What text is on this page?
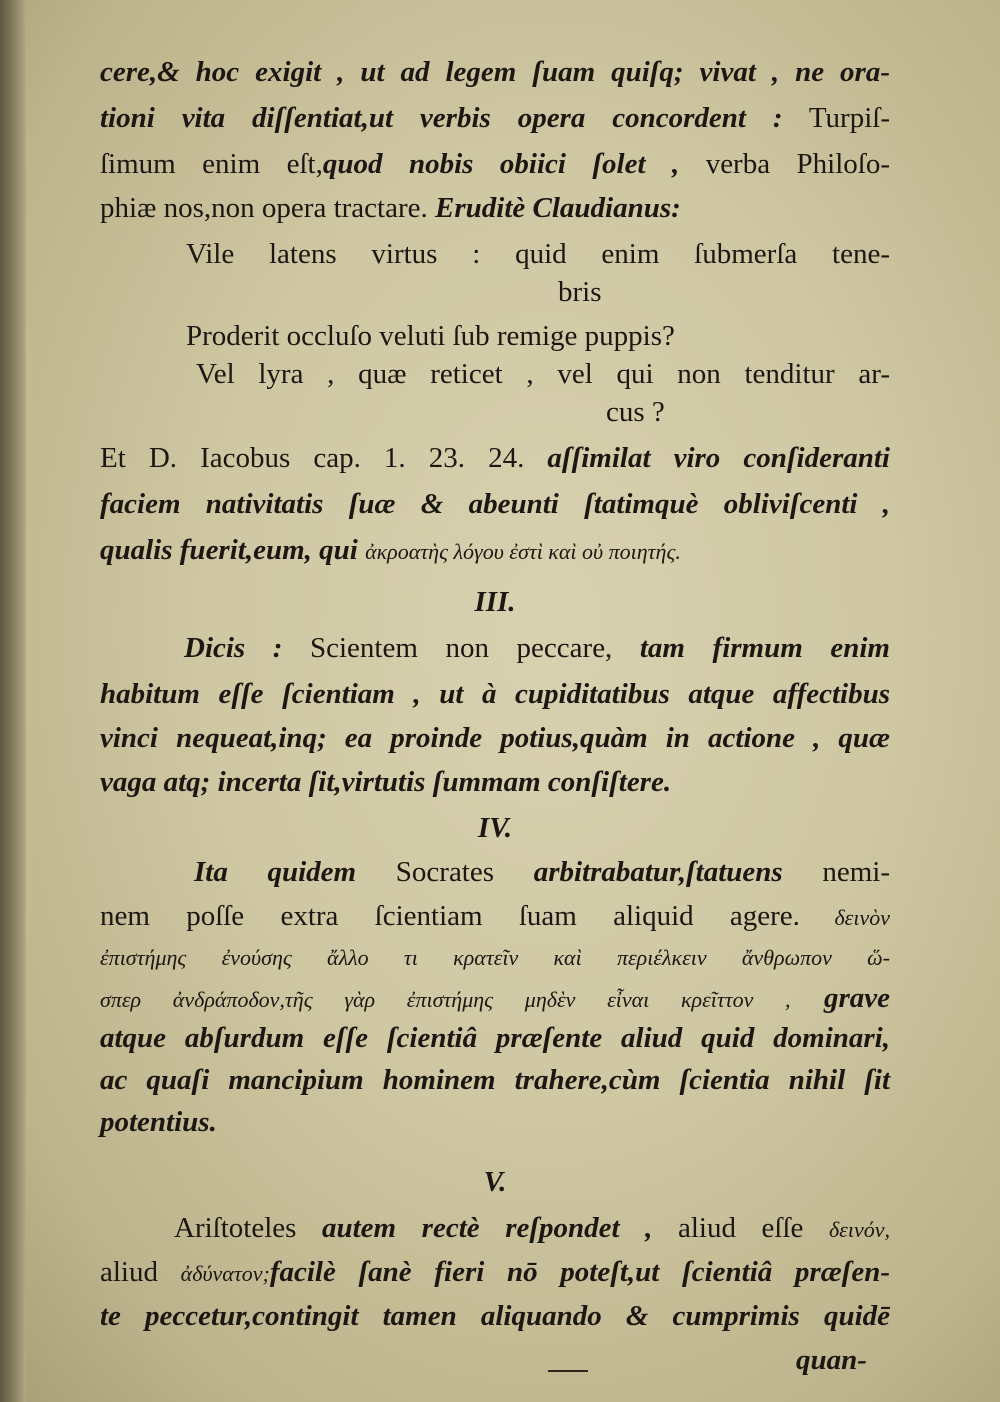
cere,& hoc exigit , ut ad legem ſuam quiſq; vivat , ne ora-
tioni vita diſſentiat,ut verbis opera concordent : Turpiſ-
ſimum enim eſt,quod nobis obiici ſolet , verba Philoſo-
phiæ nos,non opera tractare. Eruditè Claudianus:
Vile latens virtus : quid enim ſubmerſa tene-
bris
Proderit occluſo veluti ſub remige puppis?
Vel lyra , quæ reticet , vel qui non tenditur ar-
cus ?
Et D. Iacobus cap. 1. 23. 24. aſſimilat viro conſideranti
faciem nativitatis ſuæ & abeunti ſtatimquè obliviſcenti ,
qualis fuerit,eum, qui ἀκροατὴς λόγου ἐστὶ καὶ οὐ ποιητής.
III.
Dicis : Scientem non peccare, tam firmum enim
habitum eſſe ſcientiam , ut à cupiditatibus atque affectibus
vinci nequeat,inq; ea proinde potius,quàm in actione , quæ
vaga atq; incerta ſit,virtutis ſummam conſiſtere.
IV.
Ita quidem Socrates arbitrabatur,ſtatuens nemi-
nem poſſe extra ſcientiam ſuam aliquid agere. δεινὸν
ἐπιστήμης ἐνούσης ἄλλο τι κρατεῖν καὶ περιέλκειν ἄνθρωπον ὥ-
σπερ ἀνδράποδον,τῆς γὰρ ἐπιστήμης μηδὲν εἶναι κρεῖττον , grave
atque abſurdum eſſe ſcientiâ præſente aliud quid dominari,
ac quaſi mancipium hominem trahere,cùm ſcientia nihil ſit
potentius.
V.
Ariſtoteles autem rectè reſpondet , aliud eſſe δεινόν,
aliud ἀδύνατον;facilè ſanè fieri nō poteſt,ut ſcientiâ præſen-
te peccetur,contingit tamen aliquando & cumprimis quidē
quan-
